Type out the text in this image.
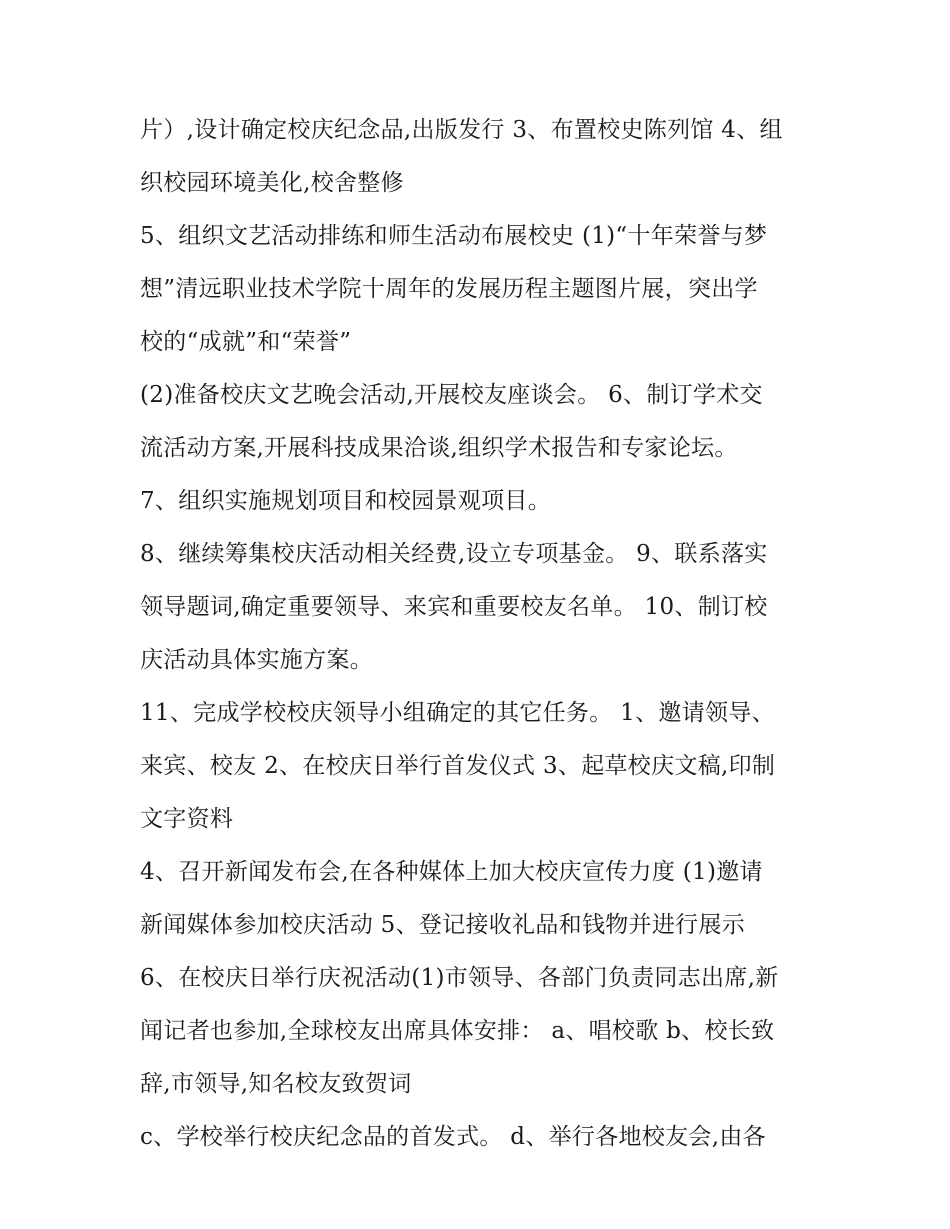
片）,设计确定校庆纪念品,出版发行 3、布置校史陈列馆 4、组
织校园环境美化,校舍整修

5、组织文艺活动排练和师生活动布展校史 (1)“十年荣誉与梦
想”清远职业技术学院十周年的发展历程主题图片展，突出学
校的“成就”和“荣誉”

(2)准备校庆文艺晚会活动,开展校友座谈会。 6、制订学术交
流活动方案,开展科技成果洽谈,组织学术报告和专家论坛。

7、组织实施规划项目和校园景观项目。

8、继续筹集校庆活动相关经费,设立专项基金。 9、联系落实
领导题词,确定重要领导、来宾和重要校友名单。 10、制订校
庆活动具体实施方案。

11、完成学校校庆领导小组确定的其它任务。 1、邀请领导、
来宾、校友 2、在校庆日举行首发仪式 3、起草校庆文稿,印制
文字资料

4、召开新闻发布会,在各种媒体上加大校庆宣传力度 (1)邀请
新闻媒体参加校庆活动 5、登记接收礼品和钱物并进行展示

6、在校庆日举行庆祝活动(1)市领导、各部门负责同志出席,新
闻记者也参加,全球校友出席具体安排： a、唱校歌 b、校长致
辞,市领导,知名校友致贺词

c、学校举行校庆纪念品的首发式。 d、举行各地校友会,由各
